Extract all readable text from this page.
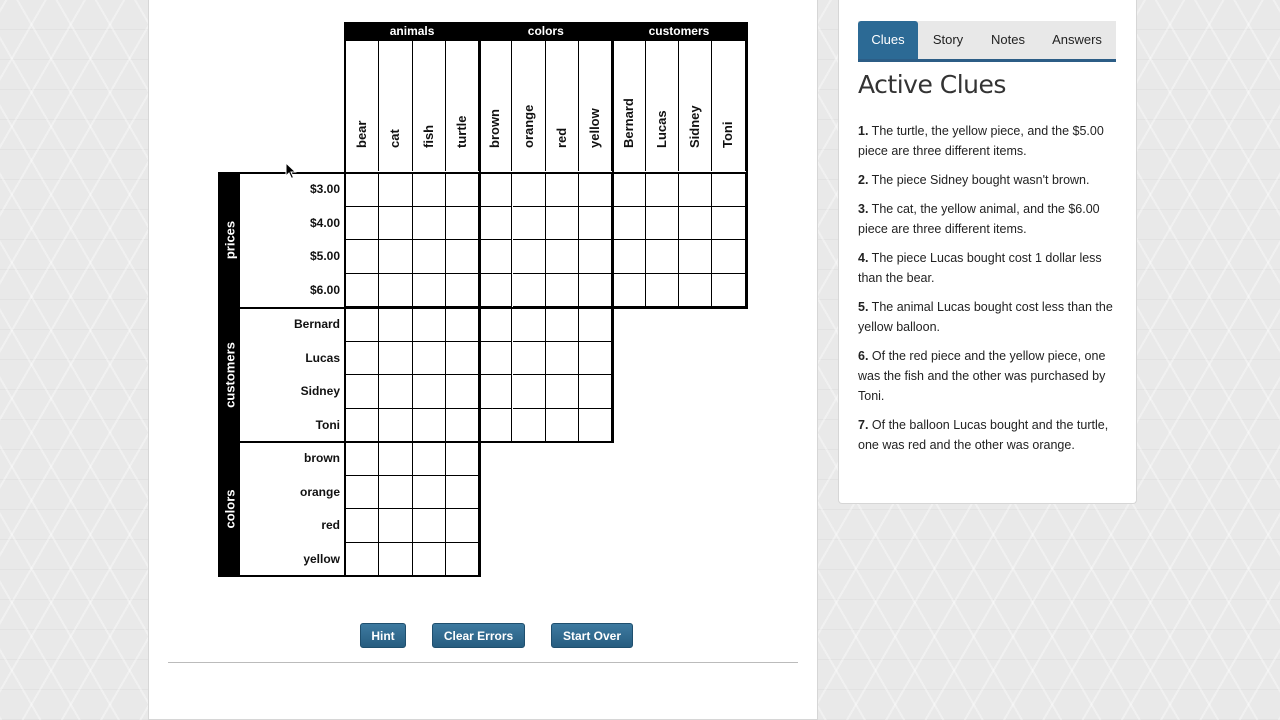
animals
bear cat fish turtle
colors
brown orange red yellow
customers
Bernard Lucas Sidney Toni
prices
$3.00
$4.00
$5.00
$6.00
customers
Bernard
Lucas
Sidney
Toni
colors
brown
orange
red
yellow
Hint	Clear Errors	Start Over
Clues	Story	Notes	Answers
Active Clues
1. The turtle, the yellow piece, and the $5.00 piece are three different items.
2. The piece Sidney bought wasn't brown.
3. The cat, the yellow animal, and the $6.00 piece are three different items.
4. The piece Lucas bought cost 1 dollar less than the bear.
5. The animal Lucas bought cost less than the yellow balloon.
6. Of the red piece and the yellow piece, one was the fish and the other was purchased by Toni.
7. Of the balloon Lucas bought and the turtle, one was red and the other was orange.
